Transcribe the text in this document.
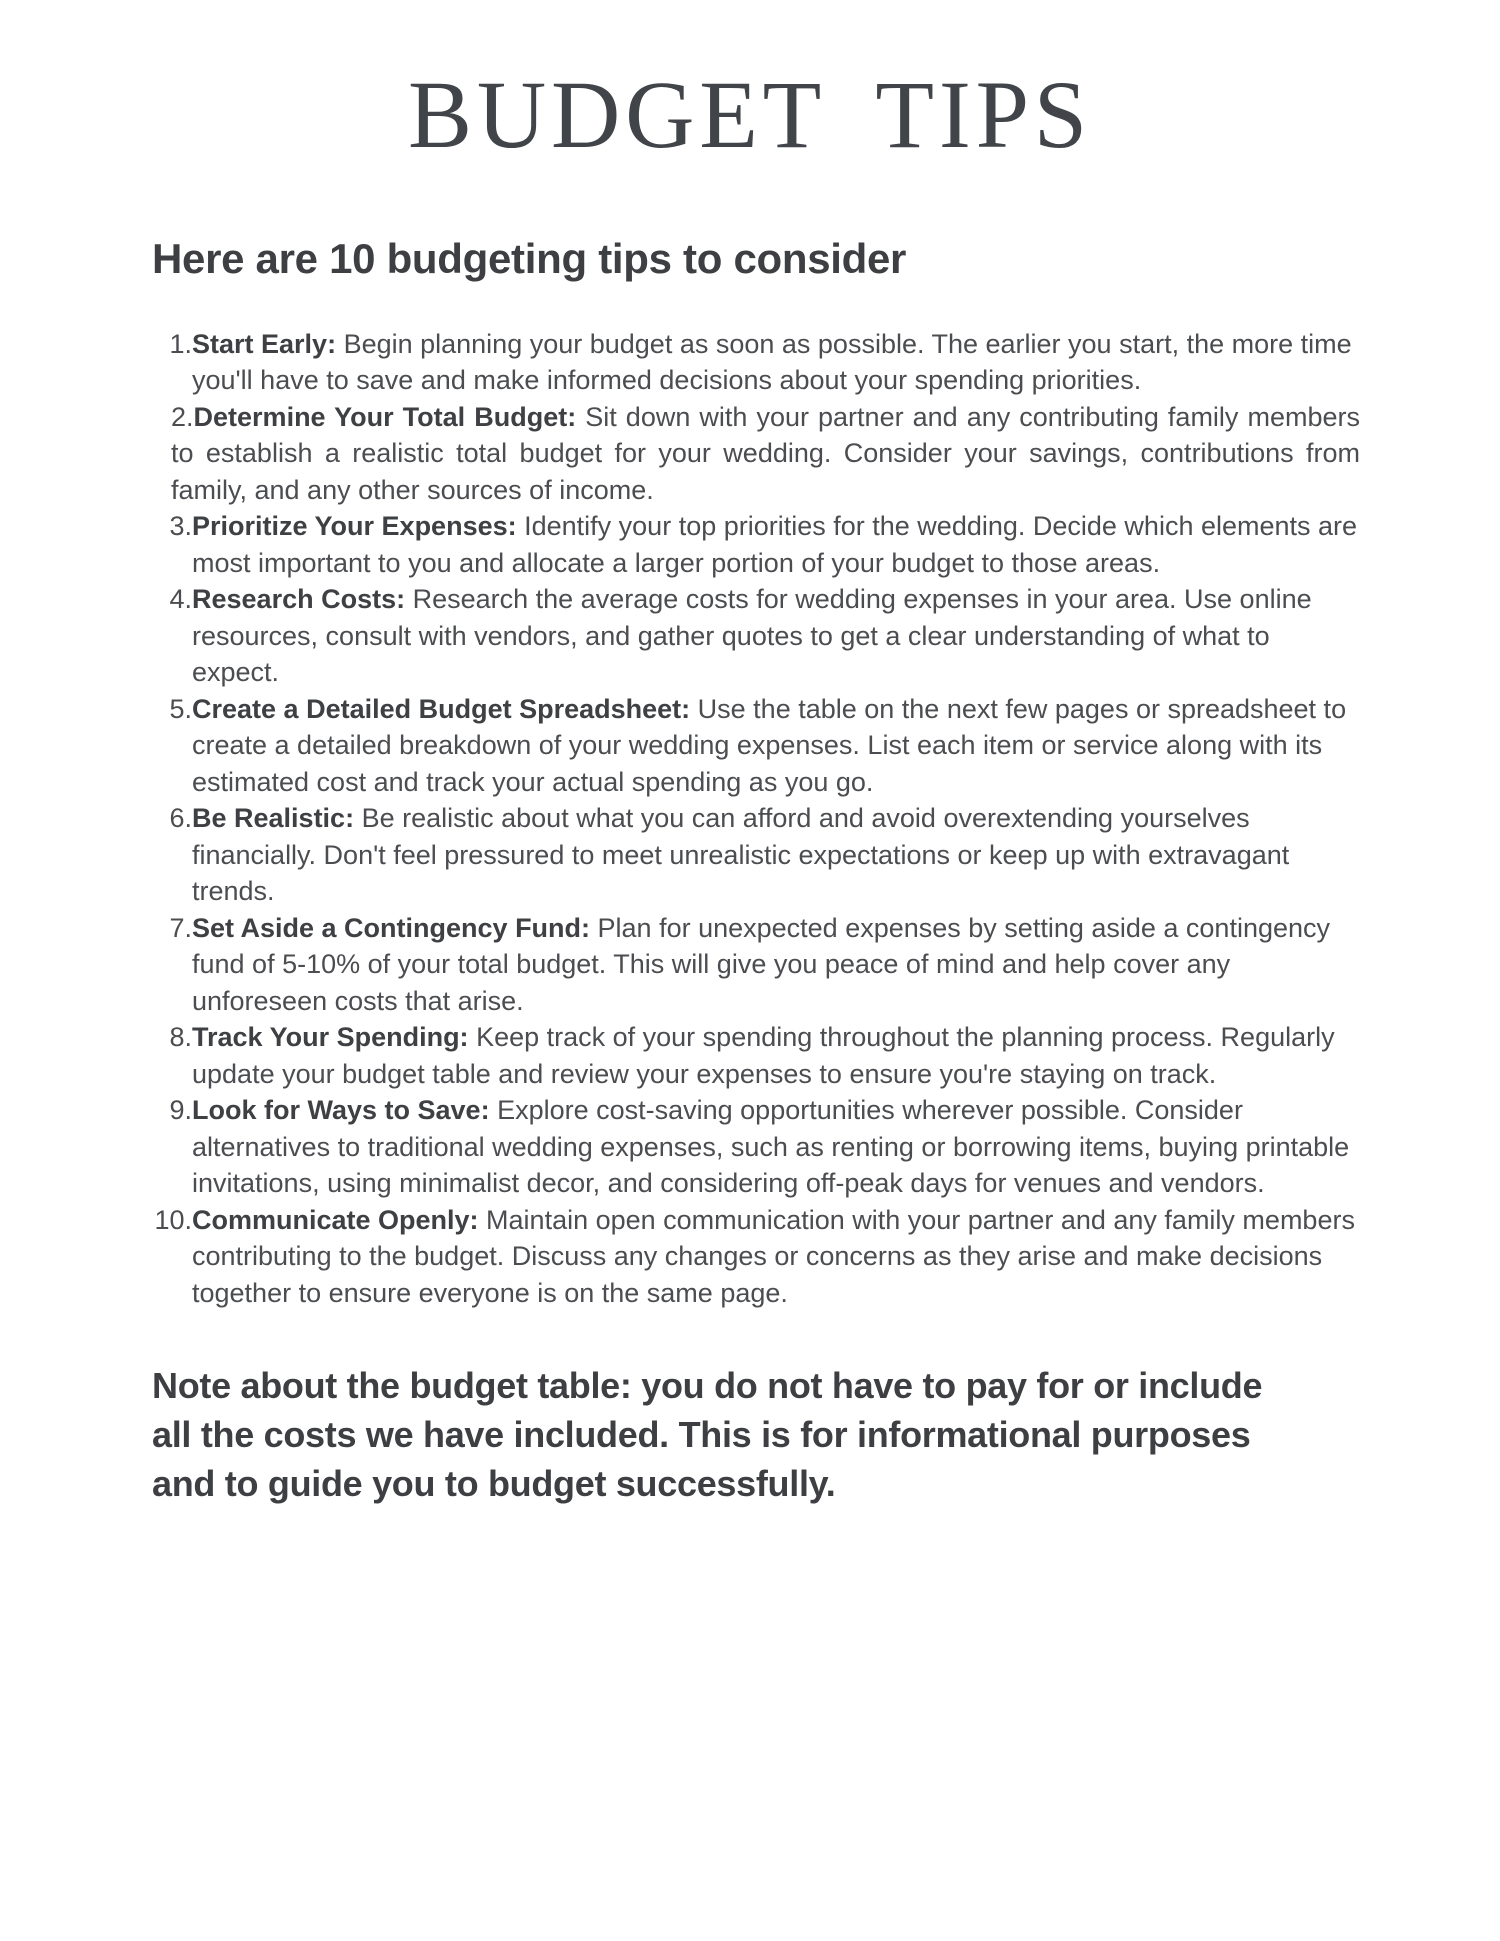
BUDGET TIPS
Here are 10 budgeting tips to consider
1. Start Early: Begin planning your budget as soon as possible. The earlier you start, the more time you'll have to save and make informed decisions about your spending priorities.
2.Determine Your Total Budget: Sit down with your partner and any contributing family members to establish a realistic total budget for your wedding. Consider your savings, contributions from family, and any other sources of income.
3. Prioritize Your Expenses: Identify your top priorities for the wedding. Decide which elements are most important to you and allocate a larger portion of your budget to those areas.
4. Research Costs: Research the average costs for wedding expenses in your area. Use online resources, consult with vendors, and gather quotes to get a clear understanding of what to expect.
5. Create a Detailed Budget Spreadsheet: Use the table on the next few pages or spreadsheet to create a detailed breakdown of your wedding expenses. List each item or service along with its estimated cost and track your actual spending as you go.
6. Be Realistic: Be realistic about what you can afford and avoid overextending yourselves financially. Don't feel pressured to meet unrealistic expectations or keep up with extravagant trends.
7. Set Aside a Contingency Fund: Plan for unexpected expenses by setting aside a contingency fund of 5-10% of your total budget. This will give you peace of mind and help cover any unforeseen costs that arise.
8. Track Your Spending: Keep track of your spending throughout the planning process. Regularly update your budget table and review your expenses to ensure you're staying on track.
9. Look for Ways to Save: Explore cost-saving opportunities wherever possible. Consider alternatives to traditional wedding expenses, such as renting or borrowing items, buying printable invitations, using minimalist decor, and considering off-peak days for venues and vendors.
10. Communicate Openly: Maintain open communication with your partner and any family members contributing to the budget. Discuss any changes or concerns as they arise and make decisions together to ensure everyone is on the same page.

Note about the budget table: you do not have to pay for or include all the costs we have included. This is for informational purposes and to guide you to budget successfully.
